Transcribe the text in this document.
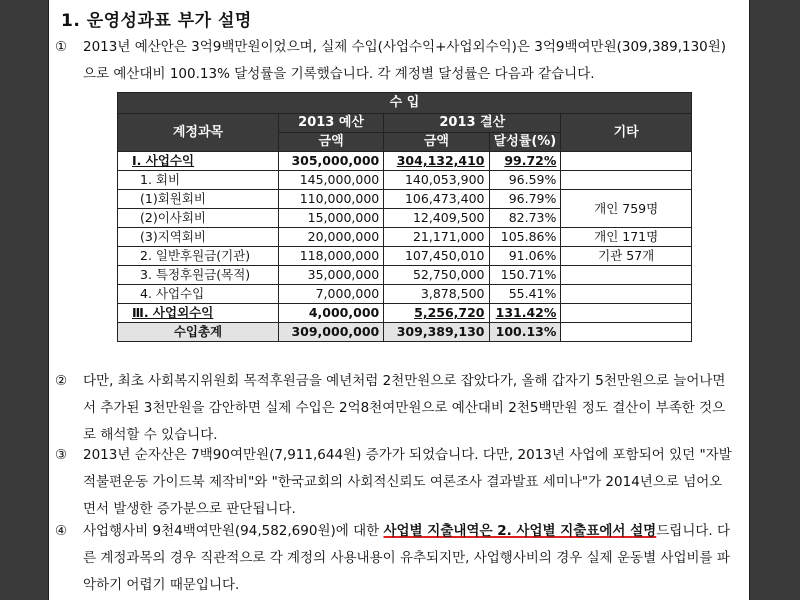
1. 운영성과표 부가 설명
① 2013년 예산안은 3억9백만원이었으며, 실제 수입(사업수익+사업외수익)은 3억9백여만원(309,389,130원)으로 예산대비 100.13% 달성률을 기록했습니다. 각 계정별 달성률은 다음과 같습니다.
수 입				
계정과목	2013 예산	2013 결산		기타
	금액	금액	달성률(%)	
Ⅰ. 사업수익	305,000,000	304,132,410	99.72%	
1. 회비	145,000,000	140,053,900	96.59%	
(1)회원회비	110,000,000	106,473,400	96.79%	개인 759명
(2)이사회비	15,000,000	12,409,500	82.73%	
(3)지역회비	20,000,000	21,171,000	105.86%	개인 171명
2. 일반후원금(기관)	118,000,000	107,450,010	91.06%	기관 57개
3. 특정후원금(목적)	35,000,000	52,750,000	150.71%	
4. 사업수입	7,000,000	3,878,500	55.41%	
Ⅲ. 사업외수익	4,000,000	5,256,720	131.42%	
수입총계	309,000,000	309,389,130	100.13%	
② 다만, 최초 사회복지위원회 목적후원금을 예년처럼 2천만원으로 잡았다가, 올해 갑자기 5천만원으로 늘어나면서 추가된 3천만원을 감안하면 실제 수입은 2억8천여만원으로 예산대비 2천5백만원 정도 결산이 부족한 것으로 해석할 수 있습니다.
③ 2013년 순자산은 7백90여만원(7,911,644원) 증가가 되었습니다. 다만, 2013년 사업에 포함되어 있던 "자발적불편운동 가이드북 제작비"와 "한국교회의 사회적신뢰도 여론조사 결과발표 세미나"가 2014년으로 넘어오면서 발생한 증가분으로 판단됩니다.
④ 사업행사비 9천4백여만원(94,582,690원)에 대한 사업별 지출내역은 2. 사업별 지출표에서 설명드립니다. 다른 계정과목의 경우 직관적으로 각 계정의 사용내용이 유추되지만, 사업행사비의 경우 실제 운동별 사업비를 파악하기 어렵기 때문입니다.
